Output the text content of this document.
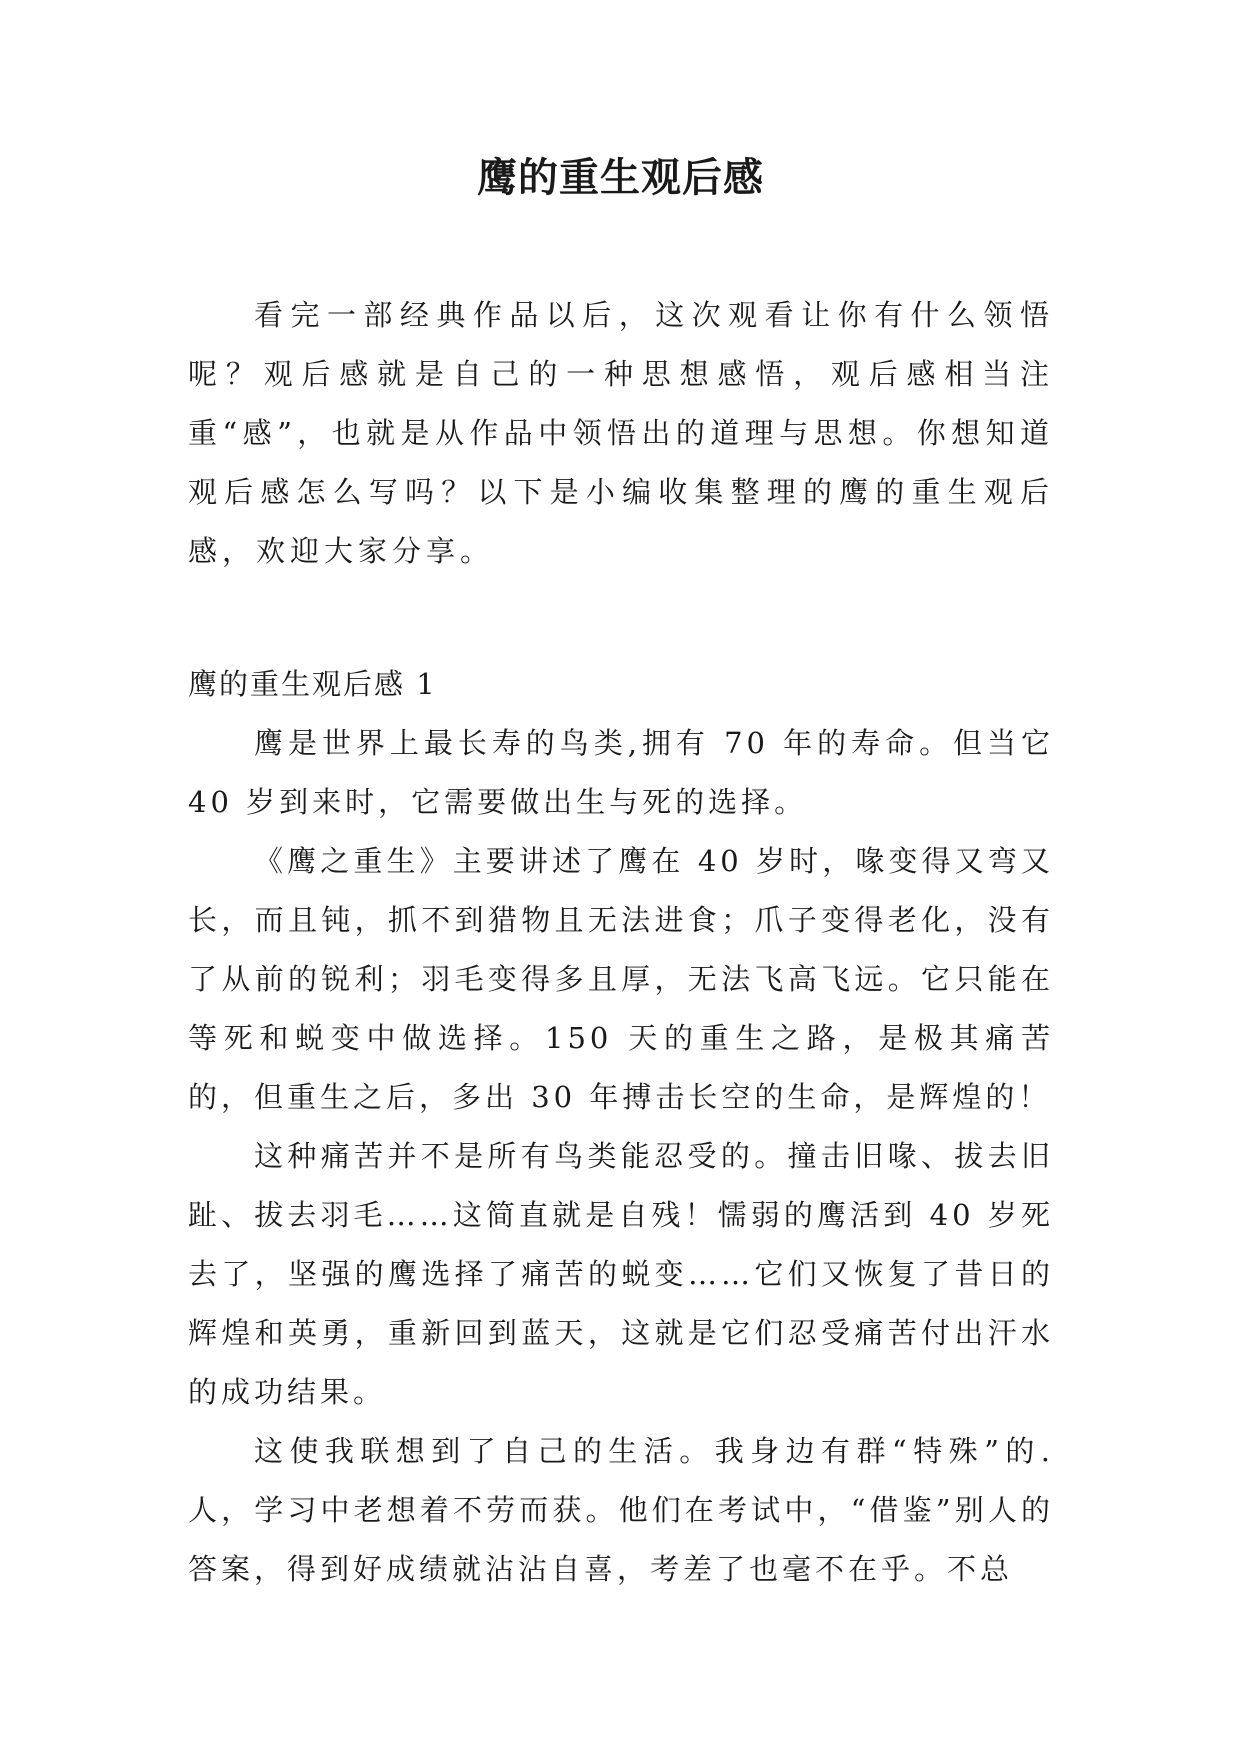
鹰的重生观后感

看完一部经典作品以后，这次观看让你有什么领悟呢？观后感就是自己的一种思想感悟，观后感相当注重“感”，也就是从作品中领悟出的道理与思想。你想知道观后感怎么写吗？以下是小编收集整理的鹰的重生观后感，欢迎大家分享。

鹰的重生观后感 1

鹰是世界上最长寿的鸟类,拥有 70 年的寿命。但当它 40 岁到来时，它需要做出生与死的选择。

《鹰之重生》主要讲述了鹰在 40 岁时，喙变得又弯又长，而且钝，抓不到猎物且无法进食；爪子变得老化，没有了从前的锐利；羽毛变得多且厚，无法飞高飞远。它只能在等死和蜕变中做选择。150 天的重生之路，是极其痛苦的，但重生之后，多出 30 年搏击长空的生命，是辉煌的！

这种痛苦并不是所有鸟类能忍受的。撞击旧喙、拔去旧趾、拔去羽毛……这简直就是自残！懦弱的鹰活到 40 岁死去了，坚强的鹰选择了痛苦的蜕变……它们又恢复了昔日的辉煌和英勇，重新回到蓝天，这就是它们忍受痛苦付出汗水的成功结果。

这使我联想到了自己的生活。我身边有群“特殊”的.人，学习中老想着不劳而获。他们在考试中，“借鉴”别人的答案，得到好成绩就沾沾自喜，考差了也毫不在乎。不总
